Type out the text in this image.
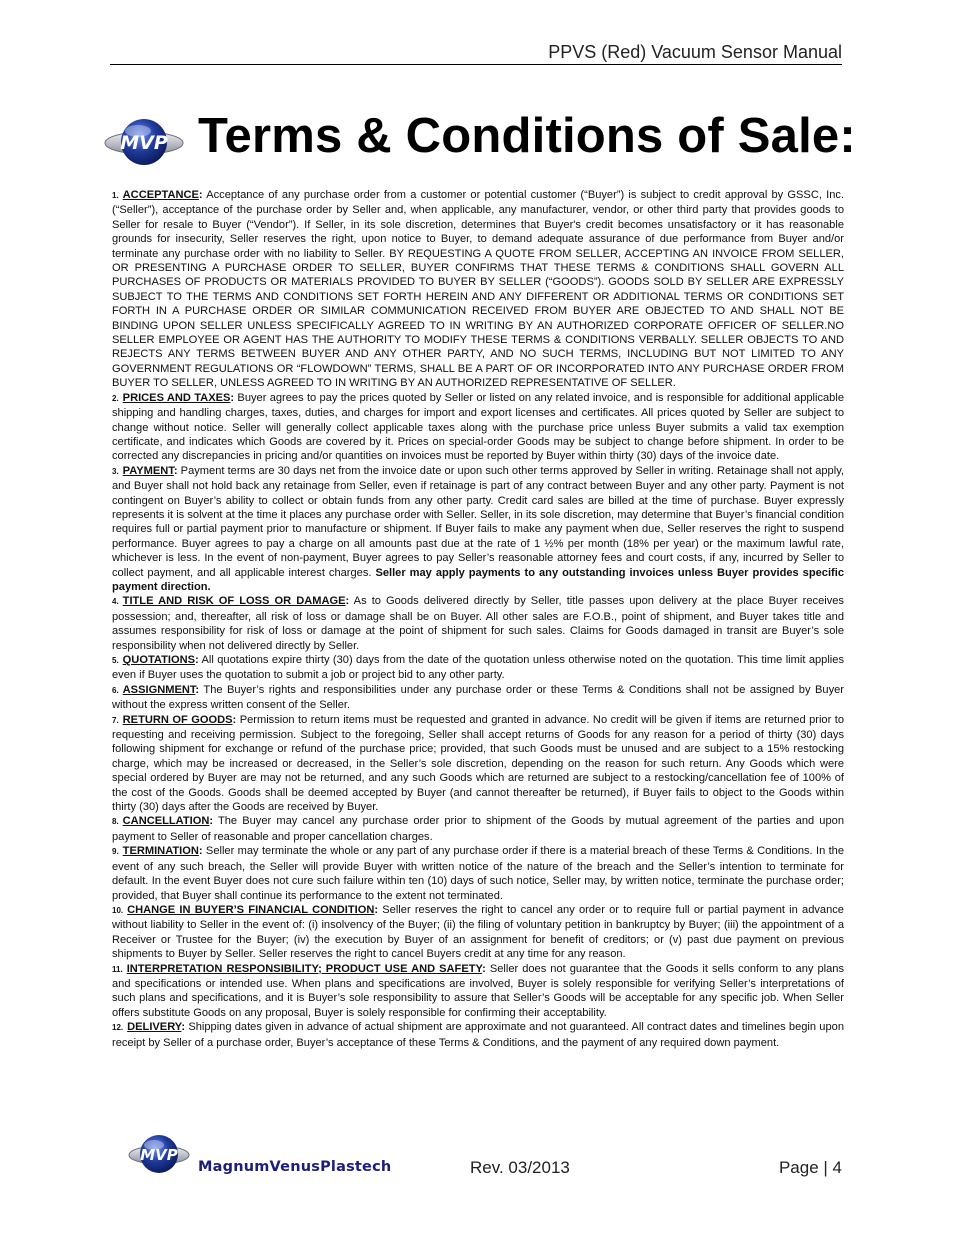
PPVS (Red) Vacuum Sensor Manual
MVP Terms & Conditions of Sale:

1. ACCEPTANCE: Acceptance of any purchase order from a customer or potential customer (“Buyer”) is subject to credit approval by GSSC, Inc. (“Seller”), acceptance of the purchase order by Seller and, when applicable, any manufacturer, vendor, or other third party that provides goods to Seller for resale to Buyer (“Vendor”). If Seller, in its sole discretion, determines that Buyer's credit becomes unsatisfactory or it has reasonable grounds for insecurity, Seller reserves the right, upon notice to Buyer, to demand adequate assurance of due performance from Buyer and/or terminate any purchase order with no liability to Seller. BY REQUESTING A QUOTE FROM SELLER, ACCEPTING AN INVOICE FROM SELLER, OR PRESENTING A PURCHASE ORDER TO SELLER, BUYER CONFIRMS THAT THESE TERMS & CONDITIONS SHALL GOVERN ALL PURCHASES OF PRODUCTS OR MATERIALS PROVIDED TO BUYER BY SELLER (“GOODS”). GOODS SOLD BY SELLER ARE EXPRESSLY SUBJECT TO THE TERMS AND CONDITIONS SET FORTH HEREIN AND ANY DIFFERENT OR ADDITIONAL TERMS OR CONDITIONS SET FORTH IN A PURCHASE ORDER OR SIMILAR COMMUNICATION RECEIVED FROM BUYER ARE OBJECTED TO AND SHALL NOT BE BINDING UPON SELLER UNLESS SPECIFICALLY AGREED TO IN WRITING BY AN AUTHORIZED CORPORATE OFFICER OF SELLER.NO SELLER EMPLOYEE OR AGENT HAS THE AUTHORITY TO MODIFY THESE TERMS & CONDITIONS VERBALLY. SELLER OBJECTS TO AND REJECTS ANY TERMS BETWEEN BUYER AND ANY OTHER PARTY, AND NO SUCH TERMS, INCLUDING BUT NOT LIMITED TO ANY GOVERNMENT REGULATIONS OR “FLOWDOWN” TERMS, SHALL BE A PART OF OR INCORPORATED INTO ANY PURCHASE ORDER FROM BUYER TO SELLER, UNLESS AGREED TO IN WRITING BY AN AUTHORIZED REPRESENTATIVE OF SELLER.

2. PRICES AND TAXES: Buyer agrees to pay the prices quoted by Seller or listed on any related invoice, and is responsible for additional applicable shipping and handling charges, taxes, duties, and charges for import and export licenses and certificates. All prices quoted by Seller are subject to change without notice. Seller will generally collect applicable taxes along with the purchase price unless Buyer submits a valid tax exemption certificate, and indicates which Goods are covered by it. Prices on special-order Goods may be subject to change before shipment. In order to be corrected any discrepancies in pricing and/or quantities on invoices must be reported by Buyer within thirty (30) days of the invoice date.

3. PAYMENT: Payment terms are 30 days net from the invoice date or upon such other terms approved by Seller in writing. Retainage shall not apply, and Buyer shall not hold back any retainage from Seller, even if retainage is part of any contract between Buyer and any other party. Payment is not contingent on Buyer’s ability to collect or obtain funds from any other party. Credit card sales are billed at the time of purchase. Buyer expressly represents it is solvent at the time it places any purchase order with Seller. Seller, in its sole discretion, may determine that Buyer’s financial condition requires full or partial payment prior to manufacture or shipment. If Buyer fails to make any payment when due, Seller reserves the right to suspend performance. Buyer agrees to pay a charge on all amounts past due at the rate of 1 ½% per month (18% per year) or the maximum lawful rate, whichever is less. In the event of non-payment, Buyer agrees to pay Seller’s reasonable attorney fees and court costs, if any, incurred by Seller to collect payment, and all applicable interest charges. Seller may apply payments to any outstanding invoices unless Buyer provides specific payment direction.

4. TITLE AND RISK OF LOSS OR DAMAGE: As to Goods delivered directly by Seller, title passes upon delivery at the place Buyer receives possession; and, thereafter, all risk of loss or damage shall be on Buyer. All other sales are F.O.B., point of shipment, and Buyer takes title and assumes responsibility for risk of loss or damage at the point of shipment for such sales. Claims for Goods damaged in transit are Buyer’s sole responsibility when not delivered directly by Seller.

5. QUOTATIONS: All quotations expire thirty (30) days from the date of the quotation unless otherwise noted on the quotation. This time limit applies even if Buyer uses the quotation to submit a job or project bid to any other party.

6. ASSIGNMENT: The Buyer’s rights and responsibilities under any purchase order or these Terms & Conditions shall not be assigned by Buyer without the express written consent of the Seller.

7. RETURN OF GOODS: Permission to return items must be requested and granted in advance. No credit will be given if items are returned prior to requesting and receiving permission. Subject to the foregoing, Seller shall accept returns of Goods for any reason for a period of thirty (30) days following shipment for exchange or refund of the purchase price; provided, that such Goods must be unused and are subject to a 15% restocking charge, which may be increased or decreased, in the Seller’s sole discretion, depending on the reason for such return. Any Goods which were special ordered by Buyer are may not be returned, and any such Goods which are returned are subject to a restocking/cancellation fee of 100% of the cost of the Goods. Goods shall be deemed accepted by Buyer (and cannot thereafter be returned), if Buyer fails to object to the Goods within thirty (30) days after the Goods are received by Buyer.

8. CANCELLATION: The Buyer may cancel any purchase order prior to shipment of the Goods by mutual agreement of the parties and upon payment to Seller of reasonable and proper cancellation charges.

9. TERMINATION: Seller may terminate the whole or any part of any purchase order if there is a material breach of these Terms & Conditions. In the event of any such breach, the Seller will provide Buyer with written notice of the nature of the breach and the Seller’s intention to terminate for default. In the event Buyer does not cure such failure within ten (10) days of such notice, Seller may, by written notice, terminate the purchase order; provided, that Buyer shall continue its performance to the extent not terminated.

10. CHANGE IN BUYER’S FINANCIAL CONDITION: Seller reserves the right to cancel any order or to require full or partial payment in advance without liability to Seller in the event of: (i) insolvency of the Buyer; (ii) the filing of voluntary petition in bankruptcy by Buyer; (iii) the appointment of a Receiver or Trustee for the Buyer; (iv) the execution by Buyer of an assignment for benefit of creditors; or (v) past due payment on previous shipments to Buyer by Seller. Seller reserves the right to cancel Buyers credit at any time for any reason.

11. INTERPRETATION RESPONSIBILITY; PRODUCT USE AND SAFETY: Seller does not guarantee that the Goods it sells conform to any plans and specifications or intended use. When plans and specifications are involved, Buyer is solely responsible for verifying Seller’s interpretations of such plans and specifications, and it is Buyer’s sole responsibility to assure that Seller’s Goods will be acceptable for any specific job. When Seller offers substitute Goods on any proposal, Buyer is solely responsible for confirming their acceptability.

12. DELIVERY: Shipping dates given in advance of actual shipment are approximate and not guaranteed. All contract dates and timelines begin upon receipt by Seller of a purchase order, Buyer’s acceptance of these Terms & Conditions, and the payment of any required down payment.

MVP
MagnumVenusPlastech	Rev. 03/2013	Page | 4
